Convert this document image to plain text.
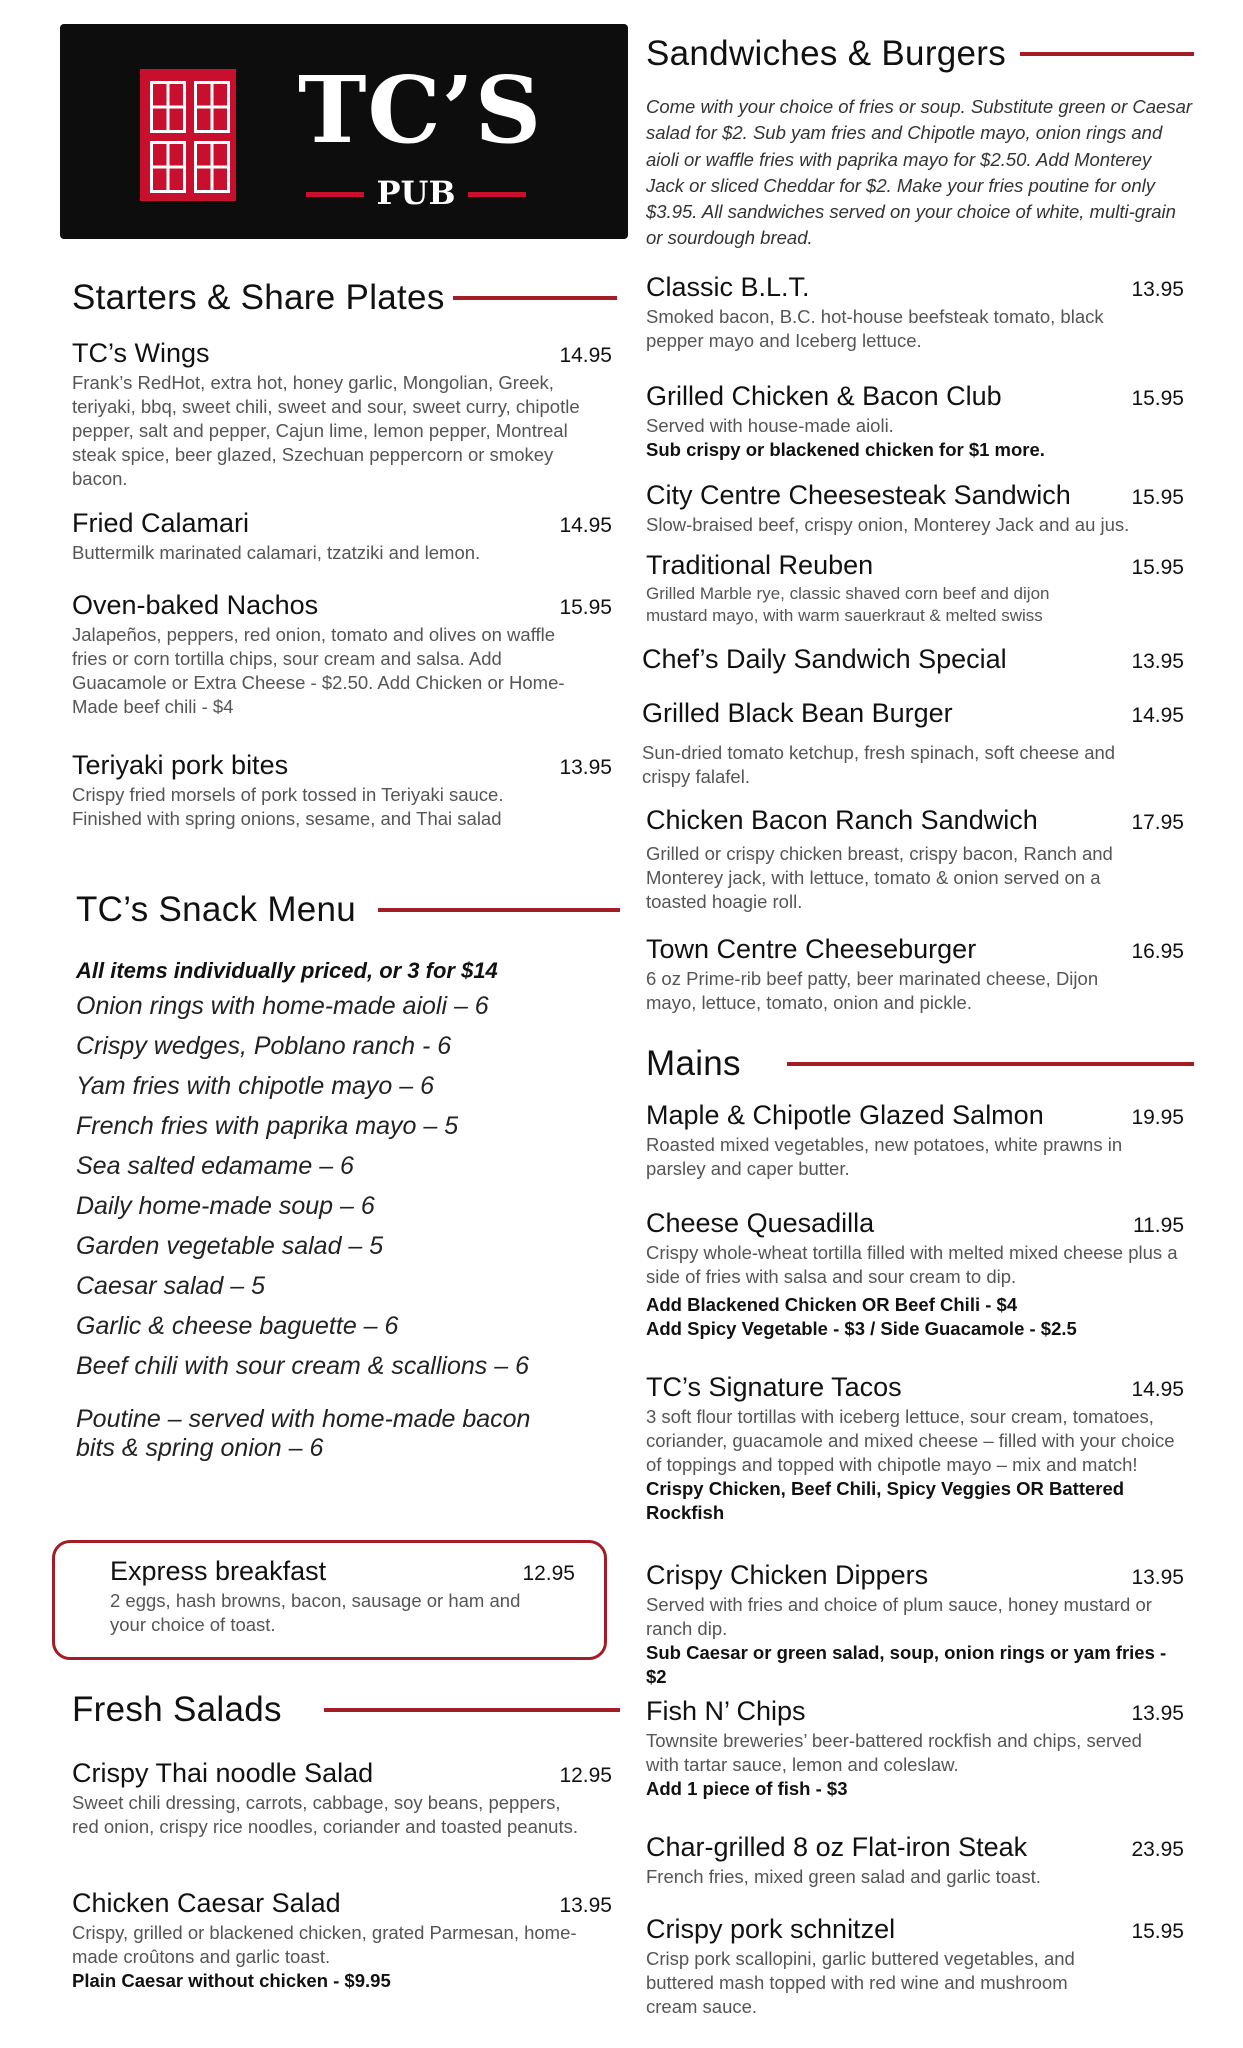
TC’S
PUB
Starters & Share Plates
TC’s Wings	14.95
Frank’s RedHot, extra hot, honey garlic, Mongolian, Greek, teriyaki, bbq, sweet chili, sweet and sour, sweet curry, chipotle pepper, salt and pepper, Cajun lime, lemon pepper, Montreal steak spice, beer glazed, Szechuan peppercorn or smokey bacon.
Fried Calamari	14.95
Buttermilk marinated calamari, tzatziki and lemon.
Oven-baked Nachos	15.95
Jalapeños, peppers, red onion, tomato and olives on waffle fries or corn tortilla chips, sour cream and salsa. Add Guacamole or Extra Cheese - $2.50. Add Chicken or Home-Made beef chili - $4
Teriyaki pork bites	13.95
Crispy fried morsels of pork tossed in Teriyaki sauce. Finished with spring onions, sesame, and Thai salad
TC’s Snack Menu
All items individually priced, or 3 for $14
Onion rings with home-made aioli – 6
Crispy wedges, Poblano ranch - 6
Yam fries with chipotle mayo – 6
French fries with paprika mayo – 5
Sea salted edamame – 6
Daily home-made soup – 6
Garden vegetable salad – 5
Caesar salad – 5
Garlic & cheese baguette – 6
Beef chili with sour cream & scallions – 6
Poutine – served with home-made bacon
bits & spring onion – 6
Express breakfast	12.95
2 eggs, hash browns, bacon, sausage or ham and your choice of toast.
Fresh Salads
Crispy Thai noodle Salad	12.95
Sweet chili dressing, carrots, cabbage, soy beans, peppers, red onion, crispy rice noodles, coriander and toasted peanuts.
Chicken Caesar Salad	13.95
Crispy, grilled or blackened chicken, grated Parmesan, home-made croûtons and garlic toast.
Plain Caesar without chicken - $9.95
Sandwiches & Burgers
Come with your choice of fries or soup. Substitute green or Caesar salad for $2. Sub yam fries and Chipotle mayo, onion rings and aioli or waffle fries with paprika mayo for $2.50. Add Monterey Jack or sliced Cheddar for $2. Make your fries poutine for only $3.95. All sandwiches served on your choice of white, multi-grain or sourdough bread.
Classic B.L.T.	13.95
Smoked bacon, B.C. hot-house beefsteak tomato, black pepper mayo and Iceberg lettuce.
Grilled Chicken & Bacon Club	15.95
Served with house-made aioli.
Sub crispy or blackened chicken for $1 more.
City Centre Cheesesteak Sandwich	15.95
Slow-braised beef, crispy onion, Monterey Jack and au jus.
Traditional Reuben	15.95
Grilled Marble rye, classic shaved corn beef and dijon mustard mayo, with warm sauerkraut & melted swiss
Chef’s Daily Sandwich Special	13.95
Grilled Black Bean Burger	14.95
Sun-dried tomato ketchup, fresh spinach, soft cheese and crispy falafel.
Chicken Bacon Ranch Sandwich	17.95
Grilled or crispy chicken breast, crispy bacon, Ranch and Monterey jack, with lettuce, tomato & onion served on a toasted hoagie roll.
Town Centre Cheeseburger	16.95
6 oz Prime-rib beef patty, beer marinated cheese, Dijon mayo, lettuce, tomato, onion and pickle.
Mains
Maple & Chipotle Glazed Salmon	19.95
Roasted mixed vegetables, new potatoes, white prawns in parsley and caper butter.
Cheese Quesadilla	11.95
Crispy whole-wheat tortilla filled with melted mixed cheese plus a side of fries with salsa and sour cream to dip.
Add Blackened Chicken OR Beef Chili - $4
Add Spicy Vegetable - $3 / Side Guacamole - $2.5
TC’s Signature Tacos	14.95
3 soft flour tortillas with iceberg lettuce, sour cream, tomatoes, coriander, guacamole and mixed cheese – filled with your choice of toppings and topped with chipotle mayo – mix and match!
Crispy Chicken, Beef Chili, Spicy Veggies OR Battered Rockfish
Crispy Chicken Dippers	13.95
Served with fries and choice of plum sauce, honey mustard or ranch dip.
Sub Caesar or green salad, soup, onion rings or yam fries - $2
Fish N’ Chips	13.95
Townsite breweries’ beer-battered rockfish and chips, served with tartar sauce, lemon and coleslaw.
Add 1 piece of fish - $3
Char-grilled 8 oz Flat-iron Steak	23.95
French fries, mixed green salad and garlic toast.
Crispy pork schnitzel	15.95
Crisp pork scallopini, garlic buttered vegetables, and buttered mash topped with red wine and mushroom cream sauce.
